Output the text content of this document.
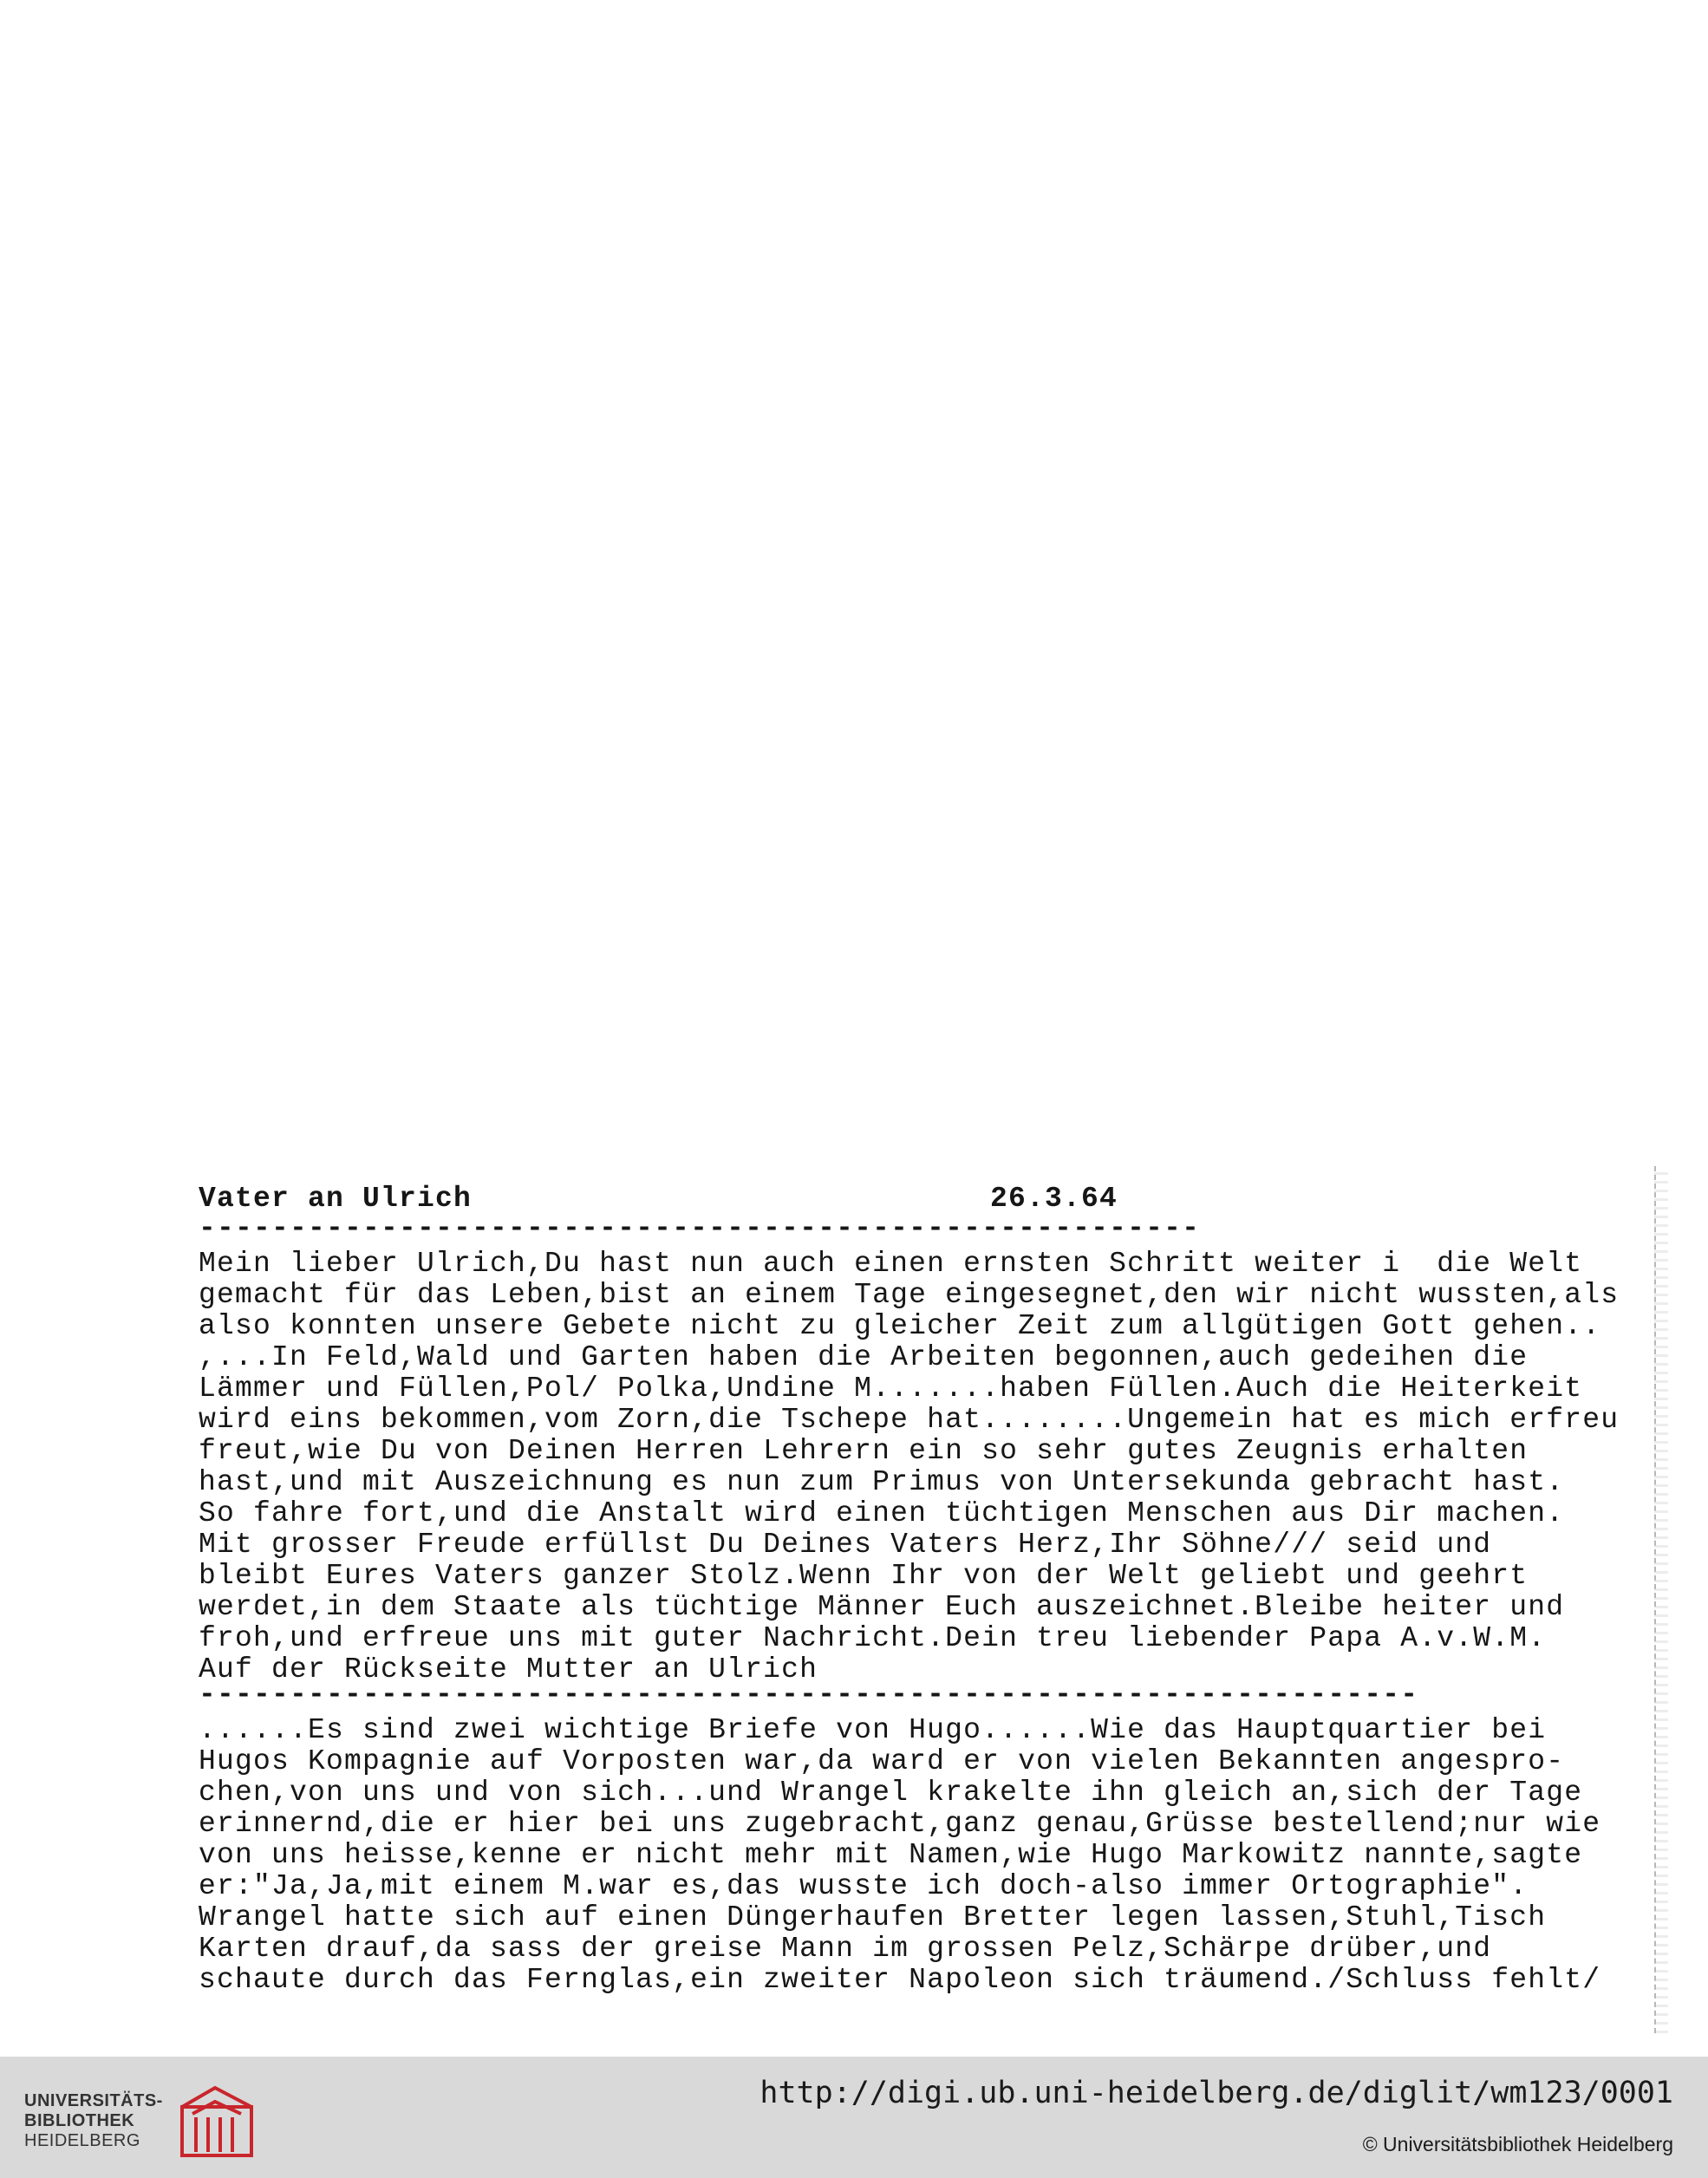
Vater an Ulrich	26.3.64
-------------------------------------------------------
Mein lieber Ulrich,Du hast nun auch einen ernsten Schritt weiter i  die Welt
gemacht für das Leben,bist an einem Tage eingesegnet,den wir nicht wussten,als
also konnten unsere Gebete nicht zu gleicher Zeit zum allgütigen Gott gehen..
,...In Feld,Wald und Garten haben die Arbeiten begonnen,auch gedeihen die
Lämmer und Füllen,Pol/ Polka,Undine M.......haben Füllen.Auch die Heiterkeit
wird eins bekommen,vom Zorn,die Tschepe hat........Ungemein hat es mich erfreu
freut,wie Du von Deinen Herren Lehrern ein so sehr gutes Zeugnis erhalten
hast,und mit Auszeichnung es nun zum Primus von Untersekunda gebracht hast.
So fahre fort,und die Anstalt wird einen tüchtigen Menschen aus Dir machen.
Mit grosser Freude erfüllst Du Deines Vaters Herz,Ihr Söhne/// seid und
bleibt Eures Vaters ganzer Stolz.Wenn Ihr von der Welt geliebt und geehrt
werdet,in dem Staate als tüchtige Männer Euch auszeichnet.Bleibe heiter und
froh,und erfreue uns mit guter Nachricht.Dein treu liebender Papa A.v.W.M.
Auf der Rückseite Mutter an Ulrich
-------------------------------------------------------------------
......Es sind zwei wichtige Briefe von Hugo......Wie das Hauptquartier bei
Hugos Kompagnie auf Vorposten war,da ward er von vielen Bekannten angespro-
chen,von uns und von sich...und Wrangel krakelte ihn gleich an,sich der Tage
erinnernd,die er hier bei uns zugebracht,ganz genau,Grüsse bestellend;nur wie
von uns heisse,kenne er nicht mehr mit Namen,wie Hugo Markowitz nannte,sagte
er:"Ja,Ja,mit einem M.war es,das wusste ich doch-also immer Ortographie".
Wrangel hatte sich auf einen Düngerhaufen Bretter legen lassen,Stuhl,Tisch
Karten drauf,da sass der greise Mann im grossen Pelz,Schärpe drüber,und
schaute durch das Fernglas,ein zweiter Napoleon sich träumend./Schluss fehlt/
UNIVERSITÄTS-
BIBLIOTHEK
HEIDELBERG
http://digi.ub.uni-heidelberg.de/diglit/wm123/0001
© Universitätsbibliothek Heidelberg
